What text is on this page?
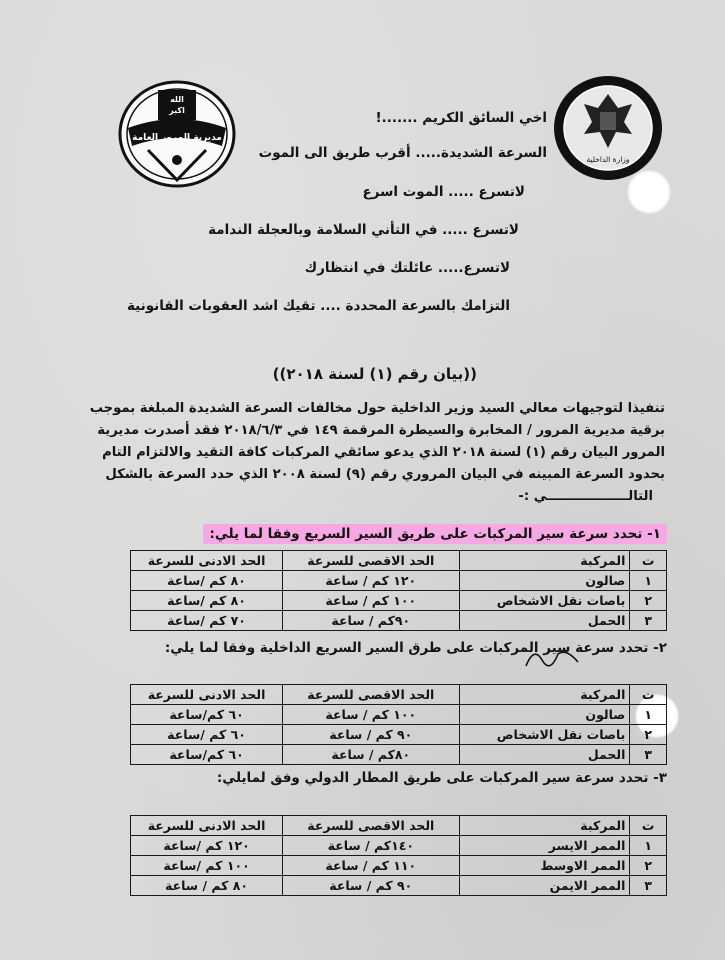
الله
اكبر
مديرية المرور العامة
وزارة الداخلية
اخي السائق الكريم .......!
السرعة الشديدة..... أقرب طريق الى الموت
لاتسرع ..... الموت اسرع
لاتسرع ..... في التأني السلامة وبالعجلة الندامة
لاتسرع..... عائلتك في انتظارك
التزامك بالسرعة المحددة .... تقيك اشد العقوبات القانونية
((بيان رقم (١) لسنة ٢٠١٨))
تنفيذا لتوجيهات معالي السيد وزير الداخلية حول مخالفات السرعة الشديدة المبلغة بموجب
برقية مديرية المرور / المخابرة والسيطرة المرقمة ١٤٩ في ٢٠١٨/٦/٣ فقد أصدرت مديرية
المرور البيان رقم (١) لسنة ٢٠١٨ الذي يدعو سائقي المركبات كافة التقيد والالتزام التام
بحدود السرعة المبينه في البيان المروري رقم (٩) لسنة ٢٠٠٨ الذي حدد السرعة بالشكل
التالــــــــــــــــــي :-
١- تحدد سرعة سير المركبات على طريق السير السريع وفقا لما يلي:
ت	المركبة	الحد الاقصى للسرعة	الحد الادنى للسرعة
١	صالون	١٢٠ كم / ساعة	٨٠ كم /ساعة
٢	باصات نقل الاشخاص	١٠٠ كم / ساعة	٨٠ كم /ساعة
٣	الحمل	٩٠كم / ساعة	٧٠ كم /ساعة
٢- تحدد سرعة سير المركبات على طرق السير السريع الداخلية وفقا لما يلي:
ت	المركبة	الحد الاقصى للسرعة	الحد الادنى للسرعة
١	صالون	١٠٠ كم / ساعة	٦٠ كم/ساعة
٢	باصات نقل الاشخاص	٩٠ كم / ساعة	٦٠ كم /ساعة
٣	الحمل	٨٠كم / ساعة	٦٠ كم/ساعة
٣- تحدد سرعة سير المركبات على طريق المطار الدولي وفق لمايلي:
ت	المركبة	الحد الاقصى للسرعة	الحد الادنى للسرعة
١	الممر الايسر	١٤٠كم / ساعة	١٢٠ كم /ساعة
٢	الممر الاوسط	١١٠ كم / ساعة	١٠٠ كم /ساعة
٣	الممر الايمن	٩٠ كم / ساعة	٨٠ كم / ساعة
